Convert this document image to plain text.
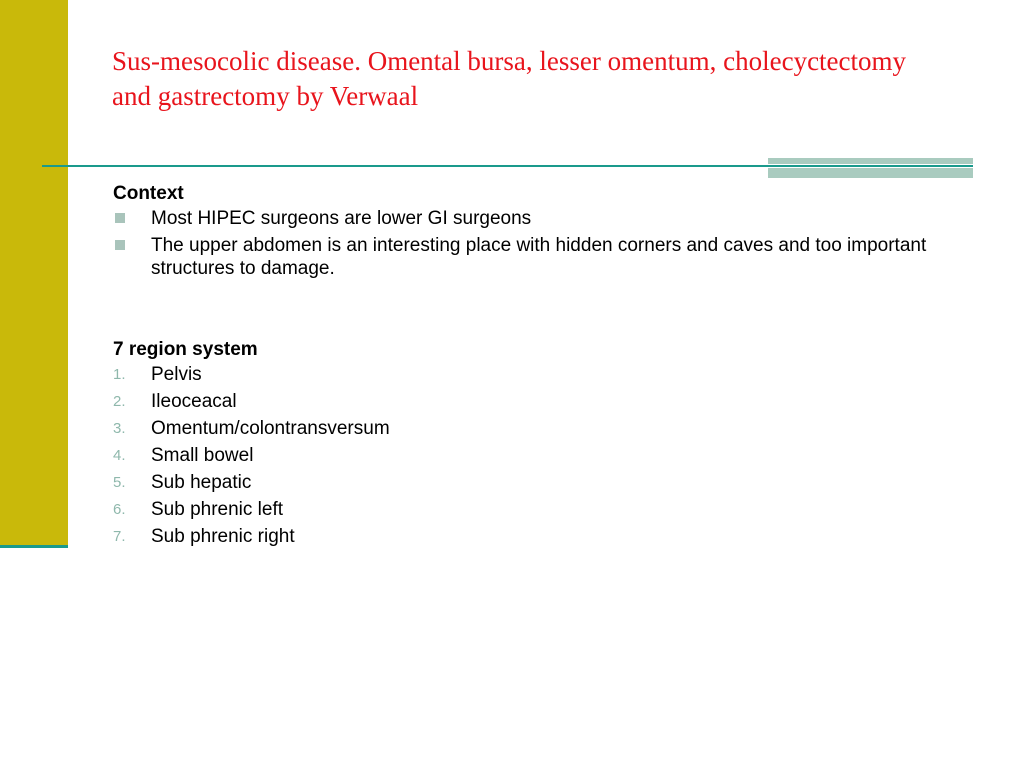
Sus-mesocolic disease. Omental bursa, lesser omentum, cholecyctectomy and gastrectomy by Verwaal

Context

Most HIPEC surgeons are lower GI surgeons
The upper abdomen is an interesting place with hidden corners and caves and too important structures to damage.

7 region system

1. Pelvis
2. Ileoceacal
3. Omentum/colontransversum
4. Small bowel
5. Sub hepatic
6. Sub phrenic left
7. Sub phrenic right
